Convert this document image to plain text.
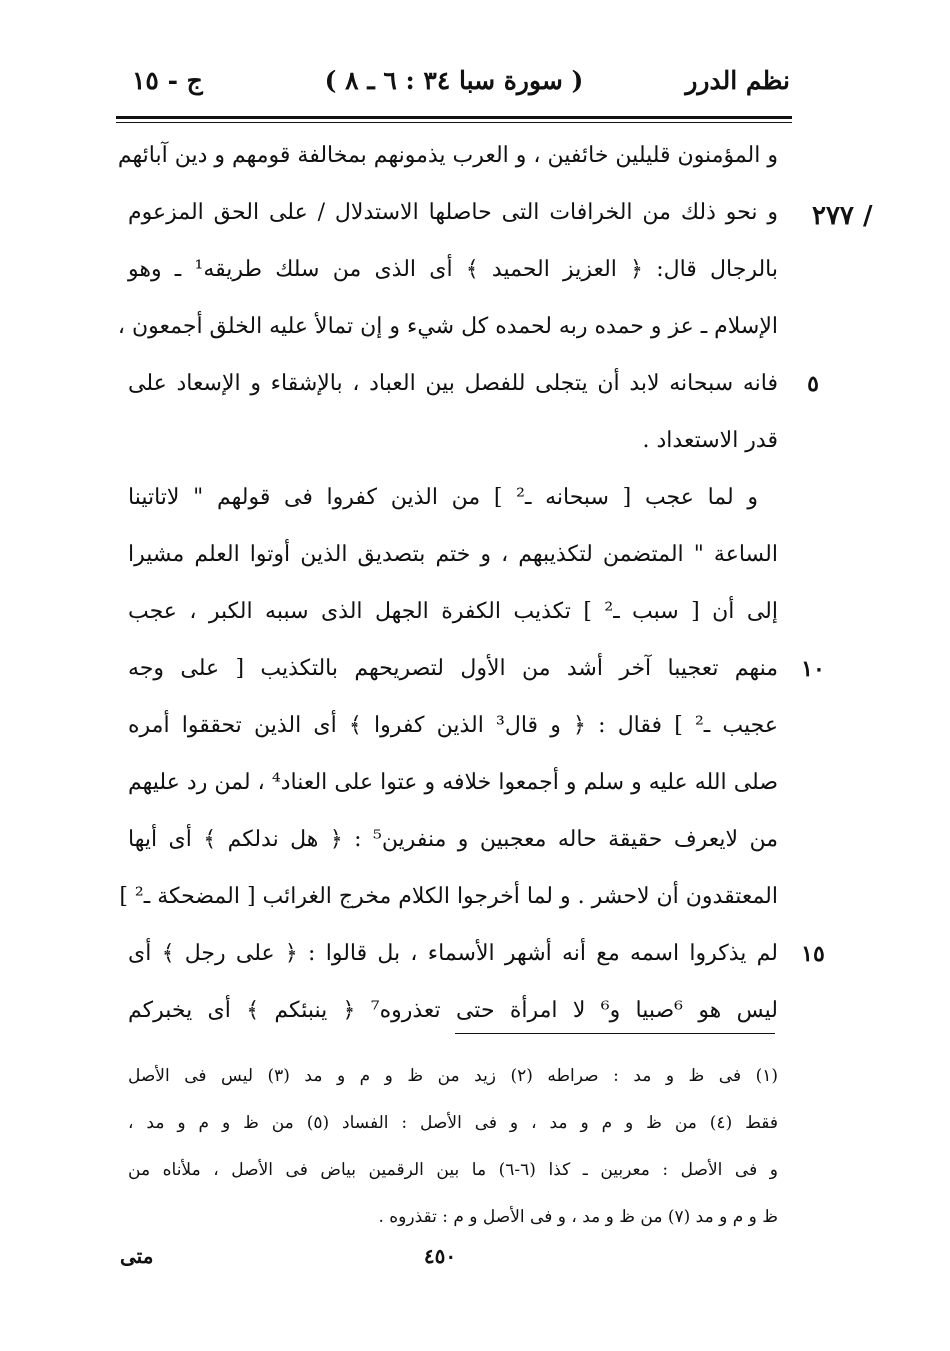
نظم الدرر
( سورة سبا ٣٤ : ٦ ـ ٨ )
ج - ١٥
٢٧٧ /
و المؤمنون قليلين خائفين ، و العرب يذمونهم بمخالفة قومهم و دين آبائهم
و نحو ذلك من الخرافات التى حاصلها الاستدلال / على الحق المزعوم
بالرجال قال: ﴿ العزيز الحميد ﴾ أى الذى من سلك طريقه¹ ـ وهو
الإسلام ـ عز و حمده ربه لحمده كل شيء و إن تمالأ عليه الخلق أجمعون ،
فانه سبحانه لابد أن يتجلى للفصل بين العباد ، بالإشقاء و الإسعاد على	٥
قدر الاستعداد .
و لما عجب [ سبحانه ـ² ] من الذين كفروا فى قولهم " لاتاتينا
الساعة " المتضمن لتكذيبهم ، و ختم بتصديق الذين أوتوا العلم مشيرا
إلى أن [ سبب ـ² ] تكذيب الكفرة الجهل الذى سببه الكبر ، عجب
منهم تعجيبا آخر أشد من الأول لتصريحهم بالتكذيب [ على وجه ١٠
عجيب ـ² ] فقال : ﴿ و قال³ الذين كفروا ﴾ أى الذين تحققوا أمره
صلى الله عليه و سلم و أجمعوا خلافه و عتوا على العناد⁴ ، لمن رد عليهم
من لايعرف حقيقة حاله معجبين و منفرين⁵ : ﴿ هل ندلكم ﴾ أى أيها
المعتقدون أن لاحشر . و لما أخرجوا الكلام مخرج الغرائب [ المضحكة ـ² ]
لم يذكروا اسمه مع أنه أشهر الأسماء ، بل قالوا : ﴿ على رجل ﴾ أى ١٥
ليس هو ⁶صبيا و⁶ لا امرأة حتى تعذروه⁷ ﴿ ينبئكم ﴾ أى يخبركم
(١) فى ظ و مد : صراطه (٢) زيد من ظ و م و مد (٣) ليس فى الأصل
فقط (٤) من ظ و م و مد ، و فى الأصل : الفساد (٥) من ظ و م و مد ،
و فى الأصل : معربين ـ كذا (٦-٦) ما بين الرقمين بياض فى الأصل ، ملأناه من
ظ و م و مد (٧) من ظ و مد ، و فى الأصل و م : تقذروه .
٤٥٠
متى
